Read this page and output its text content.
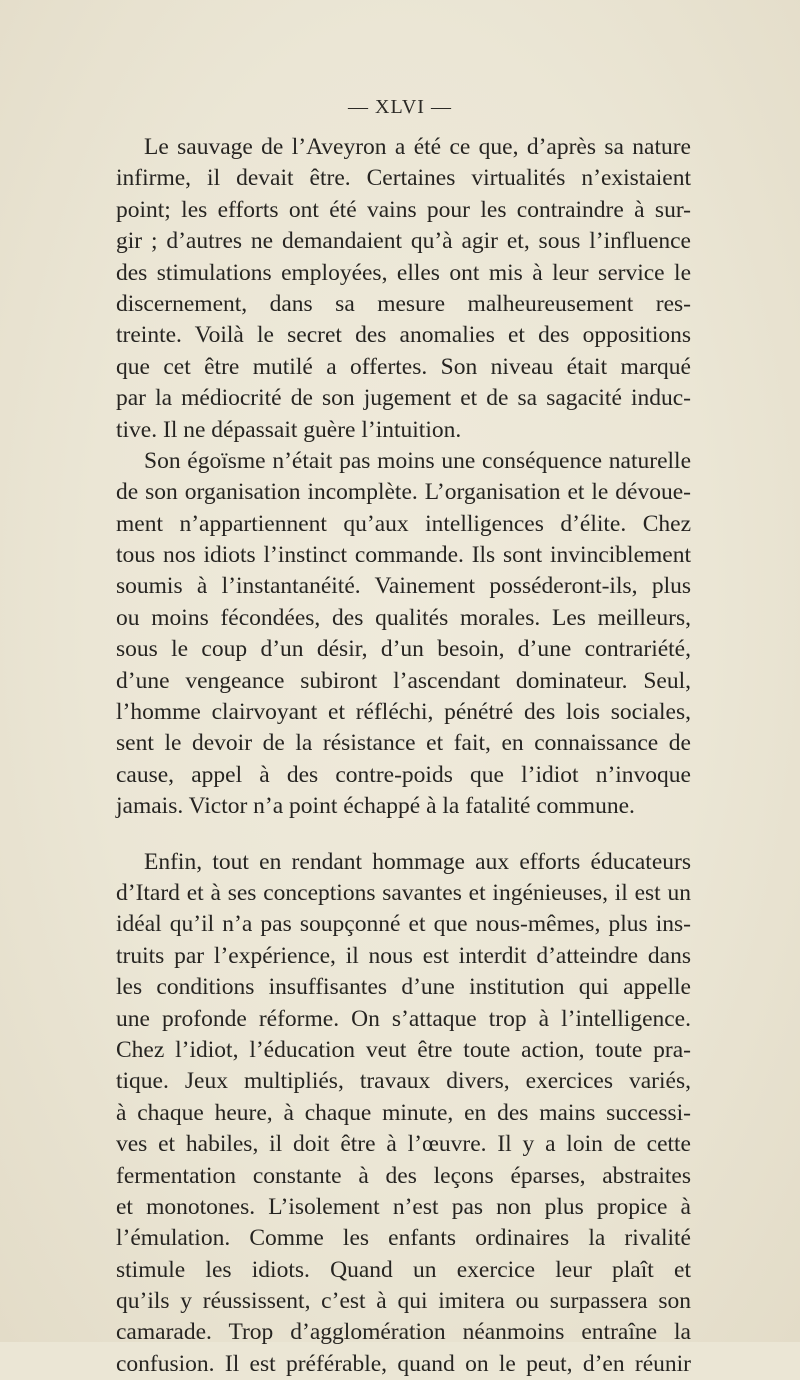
— XLVI —
Le sauvage de l’Aveyron a été ce que, d’après sa nature
infirme, il devait être. Certaines virtualités n’existaient
point; les efforts ont été vains pour les contraindre à sur-
gir ; d’autres ne demandaient qu’à agir et, sous l’influence
des stimulations employées, elles ont mis à leur service le
discernement, dans sa mesure malheureusement res-
treinte. Voilà le secret des anomalies et des oppositions
que cet être mutilé a offertes. Son niveau était marqué
par la médiocrité de son jugement et de sa sagacité induc-
tive. Il ne dépassait guère l’intuition.
Son égoïsme n’était pas moins une conséquence naturelle
de son organisation incomplète. L’organisation et le dévoue-
ment n’appartiennent qu’aux intelligences d’élite. Chez
tous nos idiots l’instinct commande. Ils sont invinciblement
soumis à l’instantanéité. Vainement posséderont-ils, plus
ou moins fécondées, des qualités morales. Les meilleurs,
sous le coup d’un désir, d’un besoin, d’une contrariété,
d’une vengeance subiront l’ascendant dominateur. Seul,
l’homme clairvoyant et réfléchi, pénétré des lois sociales,
sent le devoir de la résistance et fait, en connaissance de
cause, appel à des contre-poids que l’idiot n’invoque
jamais. Victor n’a point échappé à la fatalité commune.
Enfin, tout en rendant hommage aux efforts éducateurs
d’Itard et à ses conceptions savantes et ingénieuses, il est un
idéal qu’il n’a pas soupçonné et que nous-mêmes, plus ins-
truits par l’expérience, il nous est interdit d’atteindre dans
les conditions insuffisantes d’une institution qui appelle
une profonde réforme. On s’attaque trop à l’intelligence.
Chez l’idiot, l’éducation veut être toute action, toute pra-
tique. Jeux multipliés, travaux divers, exercices variés,
à chaque heure, à chaque minute, en des mains successi-
ves et habiles, il doit être à l’œuvre. Il y a loin de cette
fermentation constante à des leçons éparses, abstraites
et monotones. L’isolement n’est pas non plus propice à
l’émulation. Comme les enfants ordinaires la rivalité
stimule les idiots. Quand un exercice leur plaît et
qu’ils y réussissent, c’est à qui imitera ou surpassera son
camarade. Trop d’agglomération néanmoins entraîne la
confusion. Il est préférable, quand on le peut, d’en réunir
